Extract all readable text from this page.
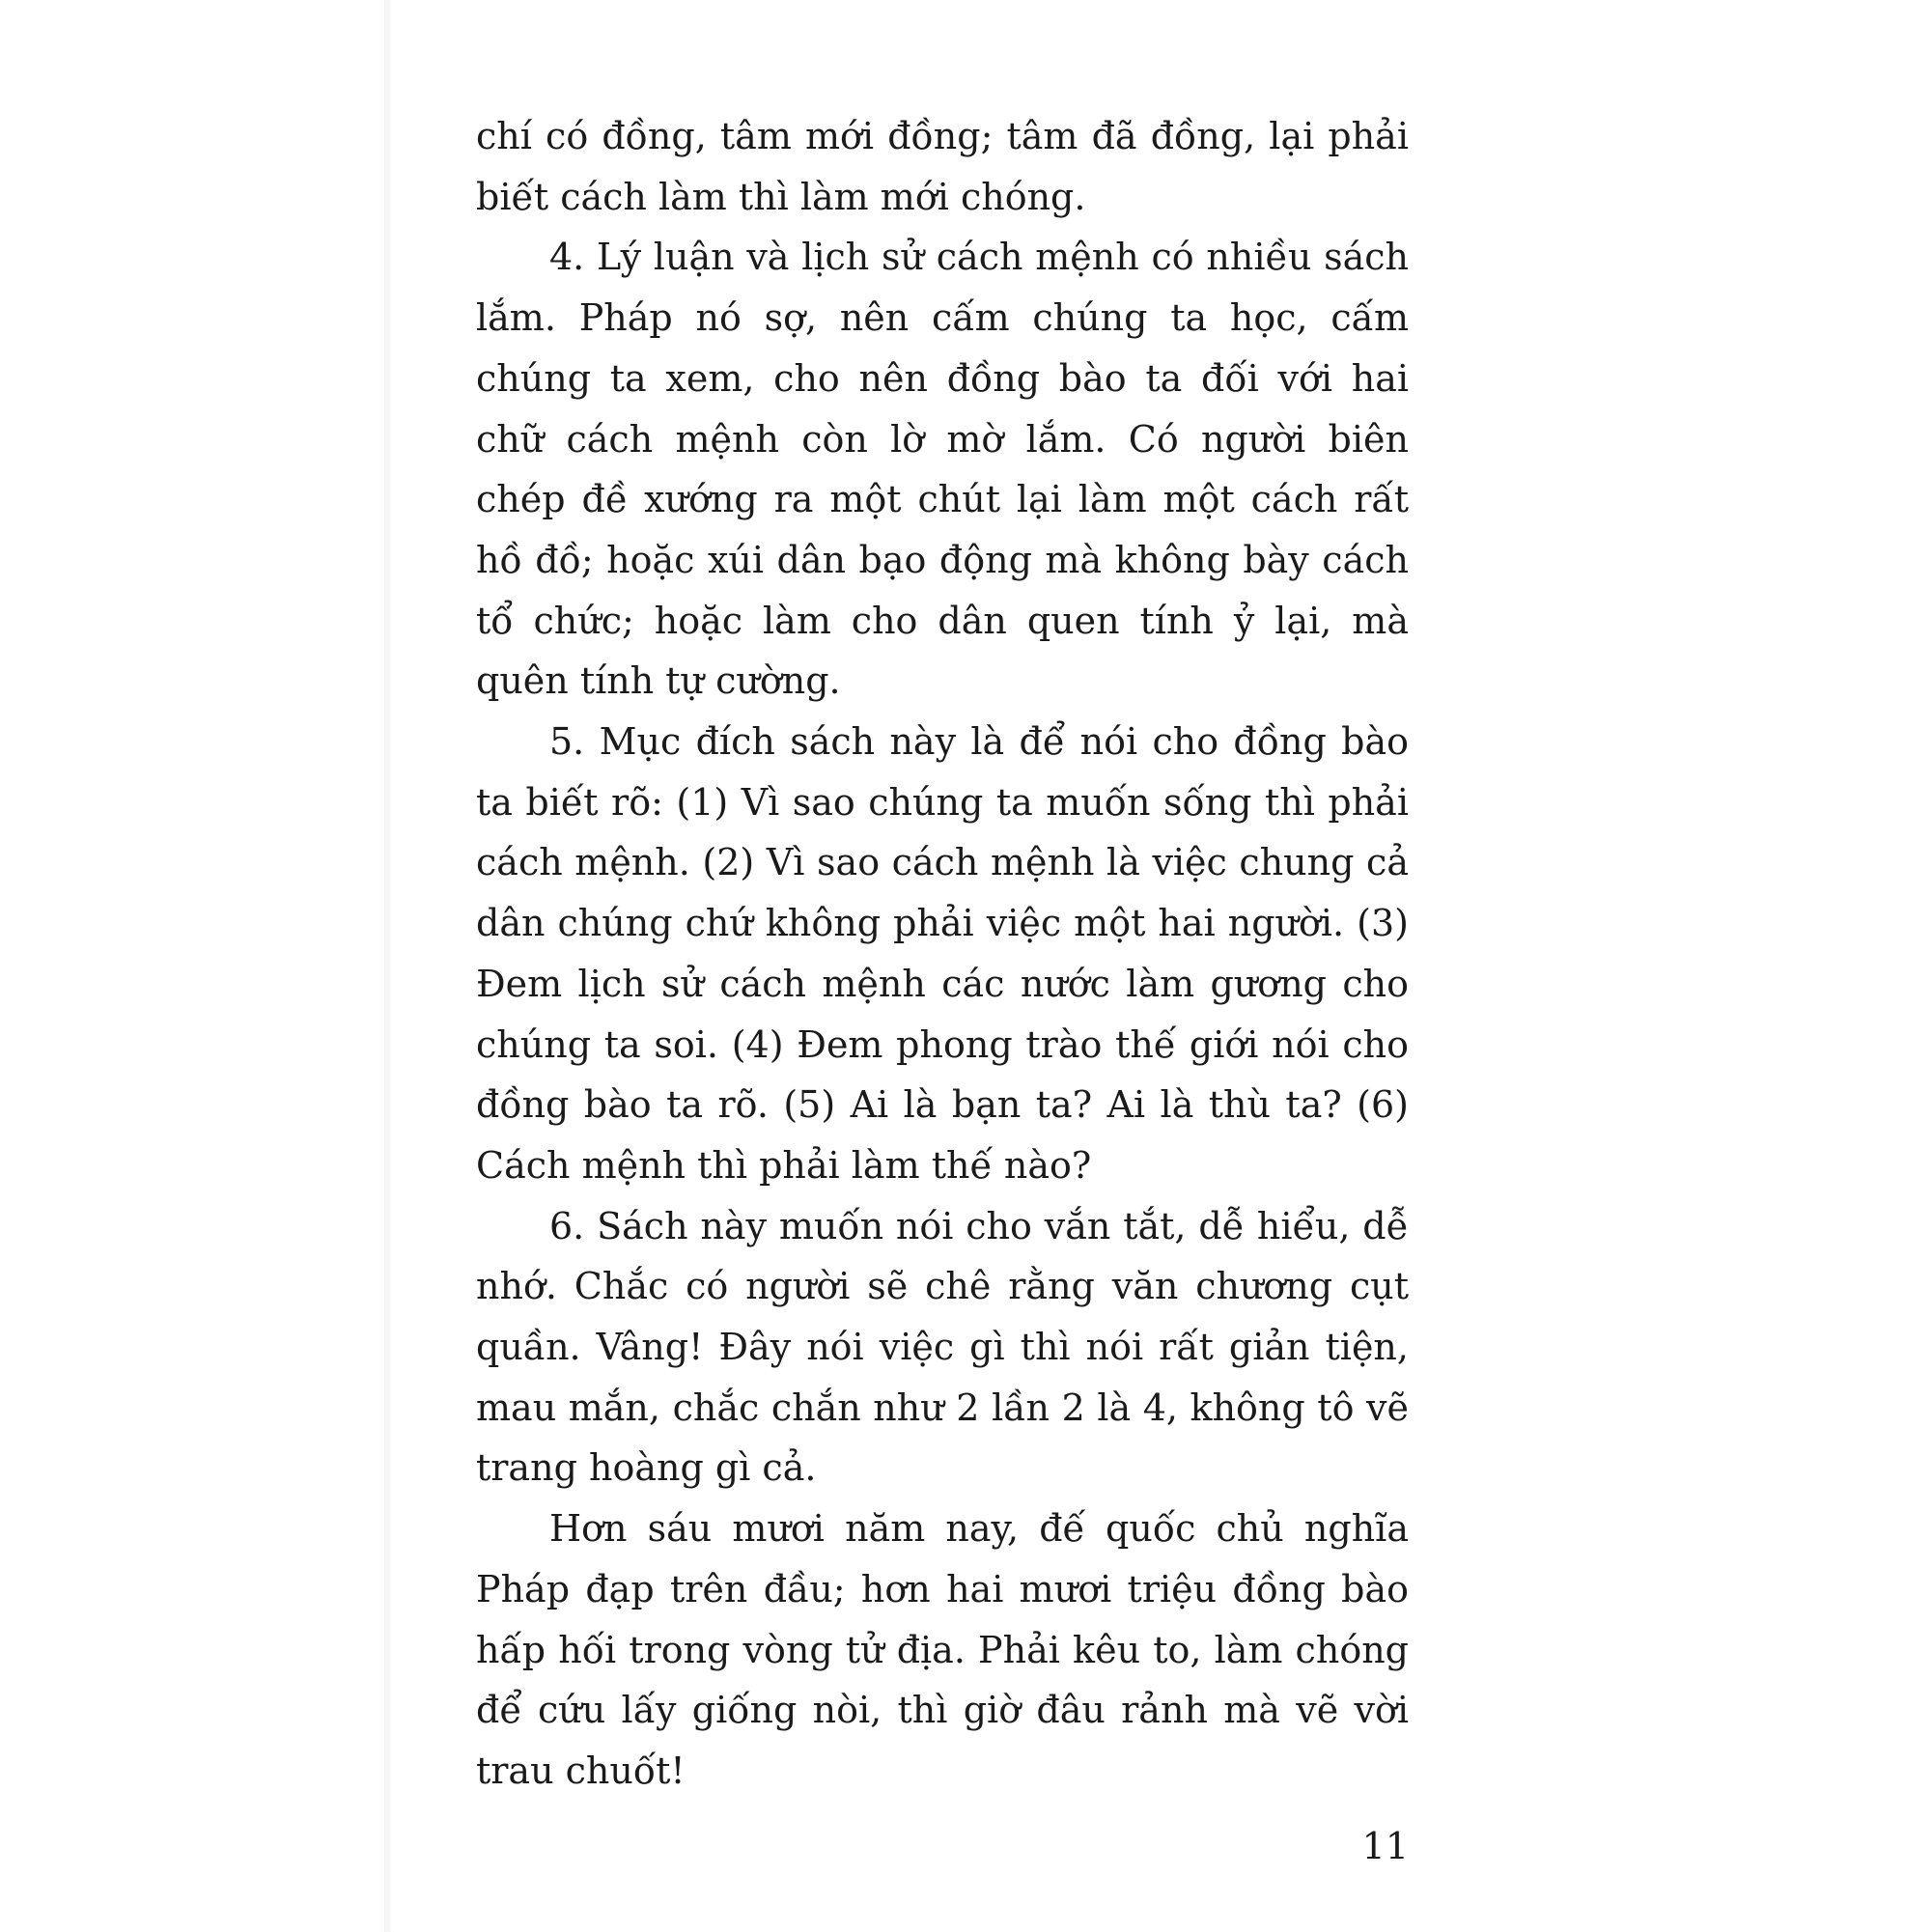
chí có đồng, tâm mới đồng; tâm đã đồng, lại phải biết cách làm thì làm mới chóng.

4. Lý luận và lịch sử cách mệnh có nhiều sách lắm. Pháp nó sợ, nên cấm chúng ta học, cấm chúng ta xem, cho nên đồng bào ta đối với hai chữ cách mệnh còn lờ mờ lắm. Có người biên chép đề xướng ra một chút lại làm một cách rất hồ đồ; hoặc xúi dân bạo động mà không bày cách tổ chức; hoặc làm cho dân quen tính ỷ lại, mà quên tính tự cường.

5. Mục đích sách này là để nói cho đồng bào ta biết rõ: (1) Vì sao chúng ta muốn sống thì phải cách mệnh. (2) Vì sao cách mệnh là việc chung cả dân chúng chứ không phải việc một hai người. (3) Đem lịch sử cách mệnh các nước làm gương cho chúng ta soi. (4) Đem phong trào thế giới nói cho đồng bào ta rõ. (5) Ai là bạn ta? Ai là thù ta? (6) Cách mệnh thì phải làm thế nào?

6. Sách này muốn nói cho vắn tắt, dễ hiểu, dễ nhớ. Chắc có người sẽ chê rằng văn chương cụt quần. Vâng! Đây nói việc gì thì nói rất giản tiện, mau mắn, chắc chắn như 2 lần 2 là 4, không tô vẽ trang hoàng gì cả.

Hơn sáu mươi năm nay, đế quốc chủ nghĩa Pháp đạp trên đầu; hơn hai mươi triệu đồng bào hấp hối trong vòng tử địa. Phải kêu to, làm chóng để cứu lấy giống nòi, thì giờ đâu rảnh mà vẽ vời trau chuốt!

11
